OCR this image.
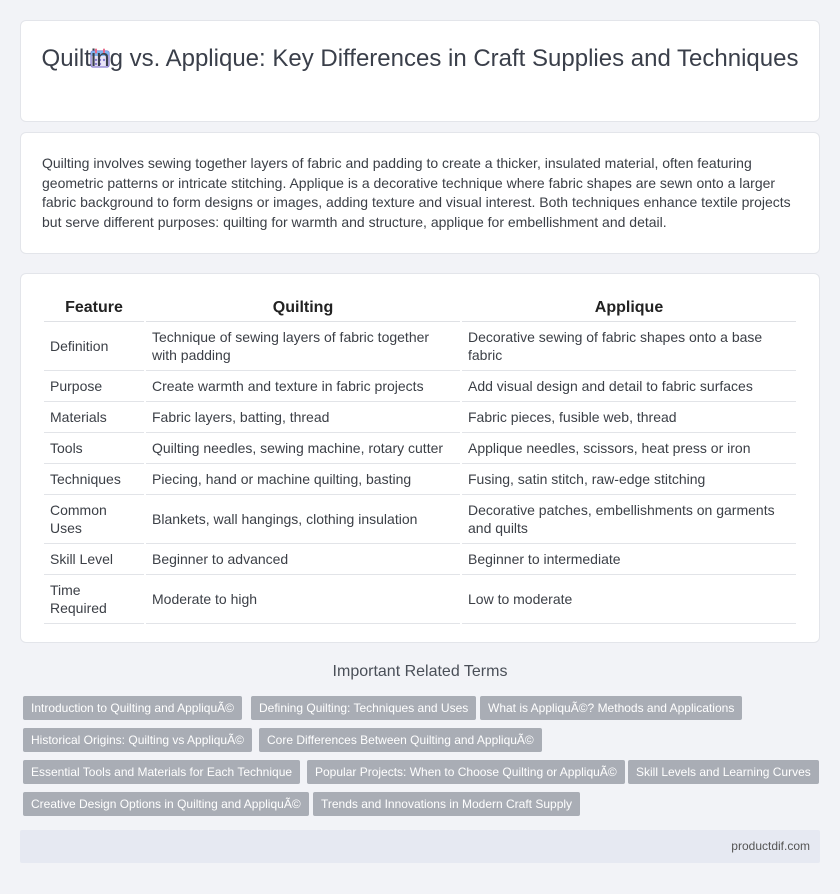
Quilting vs. Applique: Key Differences in Craft Supplies and Techniques
Quilting involves sewing together layers of fabric and padding to create a thicker, insulated material, often featuring geometric patterns or intricate stitching. Applique is a decorative technique where fabric shapes are sewn onto a larger fabric background to form designs or images, adding texture and visual interest. Both techniques enhance textile projects but serve different purposes: quilting for warmth and structure, applique for embellishment and detail.
Feature	Quilting	Applique
Definition	Technique of sewing layers of fabric together with padding	Decorative sewing of fabric shapes onto a base fabric
Purpose	Create warmth and texture in fabric projects	Add visual design and detail to fabric surfaces
Materials	Fabric layers, batting, thread	Fabric pieces, fusible web, thread
Tools	Quilting needles, sewing machine, rotary cutter	Applique needles, scissors, heat press or iron
Techniques	Piecing, hand or machine quilting, basting	Fusing, satin stitch, raw-edge stitching
Common Uses	Blankets, wall hangings, clothing insulation	Decorative patches, embellishments on garments and quilts
Skill Level	Beginner to advanced	Beginner to intermediate
Time Required	Moderate to high	Low to moderate
Important Related Terms
Introduction to Quilting and AppliquÃ©	Defining Quilting: Techniques and Uses	What is AppliquÃ©? Methods and Applications
Historical Origins: Quilting vs AppliquÃ©	Core Differences Between Quilting and AppliquÃ©
Essential Tools and Materials for Each Technique	Popular Projects: When to Choose Quilting or AppliquÃ©	Skill Levels and Learning Curves
Creative Design Options in Quilting and AppliquÃ©	Trends and Innovations in Modern Craft Supply
productdif.com
